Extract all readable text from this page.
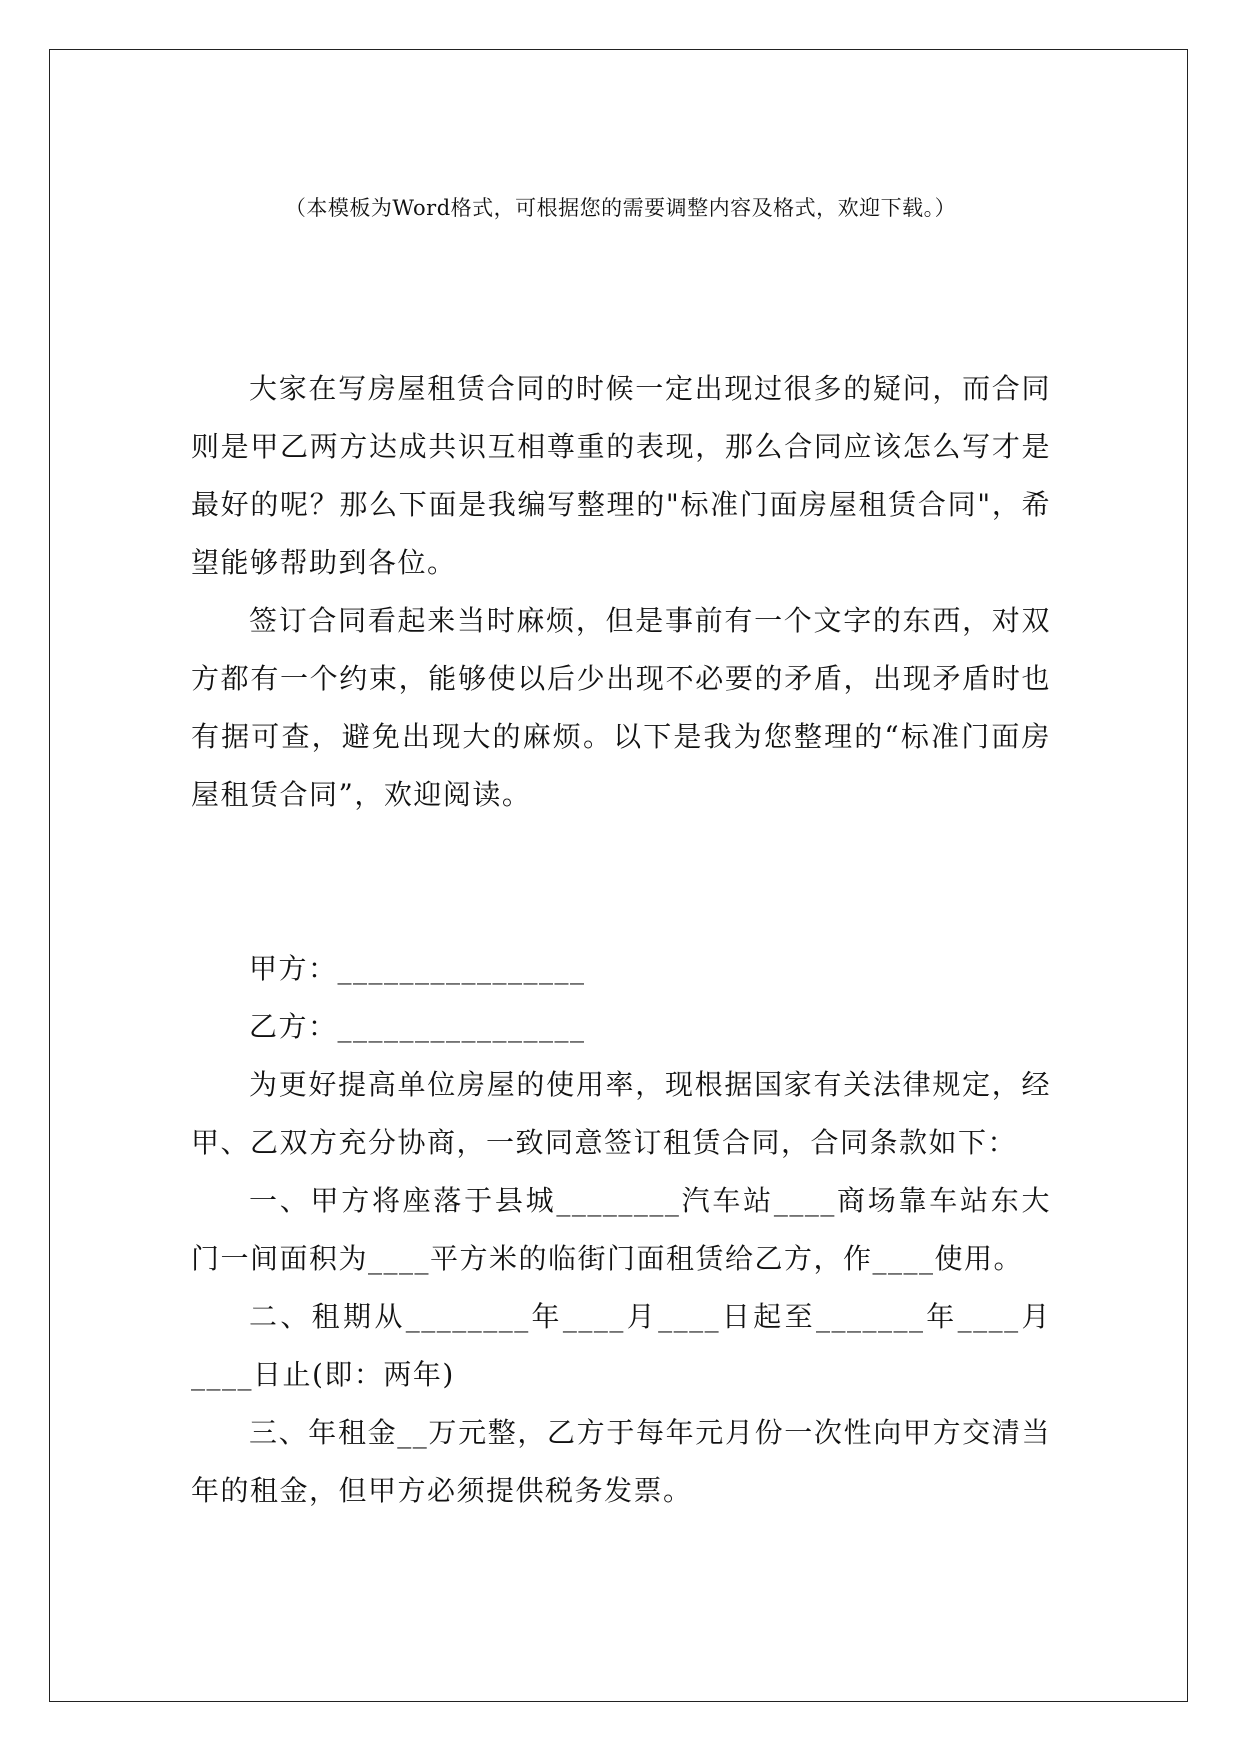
（本模板为Word格式，可根据您的需要调整内容及格式，欢迎下载。）

大家在写房屋租赁合同的时候一定出现过很多的疑问，而合同则是甲乙两方达成共识互相尊重的表现，那么合同应该怎么写才是最好的呢？那么下面是我编写整理的"标准门面房屋租赁合同"，希望能够帮助到各位。

签订合同看起来当时麻烦，但是事前有一个文字的东西，对双方都有一个约束，能够使以后少出现不必要的矛盾，出现矛盾时也有据可查，避免出现大的麻烦。以下是我为您整理的“标准门面房屋租赁合同”，欢迎阅读。

甲方：________________

乙方：________________

为更好提高单位房屋的使用率，现根据国家有关法律规定，经甲、乙双方充分协商，一致同意签订租赁合同，合同条款如下：

一、甲方将座落于县城________汽车站____商场靠车站东大门一间面积为____平方米的临街门面租赁给乙方，作____使用。

二、租期从________年____月____日起至_______年____月____日止(即：两年)

三、年租金__万元整，乙方于每年元月份一次性向甲方交清当年的租金，但甲方必须提供税务发票。
